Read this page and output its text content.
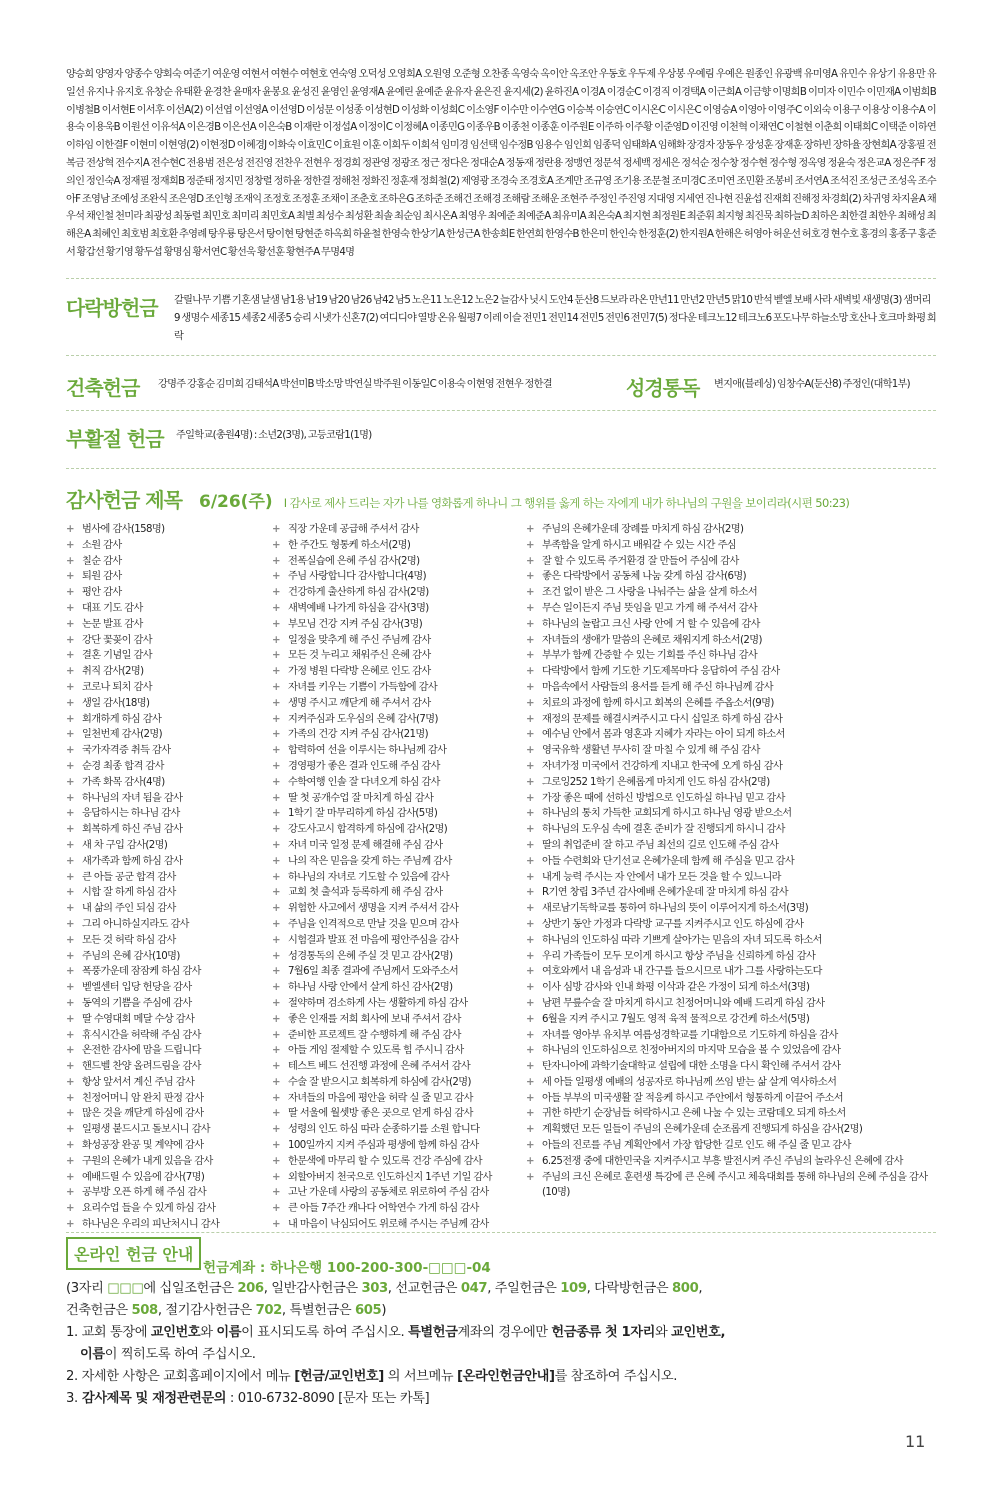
양승희 양영자 양종수 양회숙 여준기 여운영 여현서 여현수 여현호 연숙영 오덕성 오영희A 오원영 오준형 오찬종 옥영숙 옥이안 옥조안 우동호 우두제 우상봉 우예림 우예은 원종인 유광백 유미영A 유민수 유상기 유용만 유일선 유지나 유지호 유창순 유태환 윤경찬 윤매자 윤봉요 윤성진 윤영인 윤영재A 윤예린 윤예준 윤유자 윤은진 윤지세(2) 윤하진A 이경A 이경순C 이경직 이경택A 이근희A 이금향 이명희B 이미자 이민수 이민재A 이범희B 이병철B 이서현E 이서후 이선A(2) 이선엽 이선영A 이선영D 이성문 이성종 이성현D 이성화 이성희C 이소영F 이수만 이수연G 이승복 이승연C 이시온C 이시은C 이영승A 이영아 이영주C 이외숙 이용구 이용상 이용수A 이용숙 이용욱B 이원선 이유석A 이은경B 이은선A 이은숙B 이재란 이정섭A 이정이C 이정혜A 이종민G 이종우B 이종천 이종훈 이주원E 이주하 이주황 이준영D 이진영 이천혁 이채연C 이철현 이춘희 이태희C 이택준 이하연 이하임 이한결F 이현미 이현영(2) 이현정D 이혜경J 이화숙 이효민C 이효원 이훈 이희두 이희석 임미경 임선택 임수정B 임용수 임인희 임종덕 임태화A 임해화 장경자 장동우 장성훈 장재훈 장하빈 장하율 장현희A 장홍필 전복금 전상혁 전수지A 전수현C 전용범 전은성 전진영 전찬우 전현우 정경희 정관영 정광조 정근 정다은 정대순A 정동재 정란용 정맹연 정문석 정세백 정세은 정석순 정수창 정수현 정수형 정옥영 정윤숙 정은교A 정은주F 정의인 정인숙A 정재필 정재희B 정준태 정지민 정창렬 정하윤 정한결 정해천 정화진 정훈재 정희철(2) 제영광 조경숙 조경호A 조계만 조규영 조기용 조문철 조미경C 조미연 조민환 조봉비 조서연A 조석진 조성근 조성옥 조수아F 조영남 조예성 조완식 조은영D 조인형 조재익 조정호 조정훈 조채이 조춘호 조하은G 조하준 조해건 조해경 조해람 조해운 조현주 주정인 주진영 지대영 지세연 진나현 진윤섭 진재희 진해정 차경희(2) 차귀영 차지윤A 채우석 채인철 천미라 최광성 최동렬 최민호 최미리 최민호A 최별 최성수 최성환 최솔 최순임 최시온A 최영우 최예준 최예준A 최유미A 최은숙A 최지현 최정원E 최준휘 최지형 최진묵 최하늘D 최하은 최한결 최한우 최해성 최해은A 최혜인 최호범 최호환 추영례 탕우룡 탕은서 탕이현 탕현준 하옥희 하윤철 한영숙 한상기A 한성근A 한송희E 한연희 한영수B 한은미 한인숙 한정훈(2) 한지원A 한해은 허영아 허운선 허호경 현수호 홍경의 홍종구 홍준서 황갑선 황기영 황두섭 황명심 황서연C 황선욱 황선훈 황현주A 무명4명
다락방헌금 갈릴나무 기쁨 기혼샘 날샘 남1용 남19 남20 남26 남42 남5 노은11 노은12 노은2 늘감사 닛시 도안4 둔산8 드보라 라온 만년11 만년2 만년5 맑10 반석 벧엘 보배 사라 새벽빛 새생명(3) 샘머리9 생명수 세종15 세종2 세종5 승리 시냇가 신혼7(2) 여디디야 열방 온유 월평7 이레 이슬 전민1 전민14 전민5 전민6 전민7(5) 정다운 테크노12 테크노6 포도나무 하늘소망 호산나 호크마 화평 희락
건축헌금 강명주 강홍순 김미희 김태석A 박선미B 박소망 박연실 박주원 이동일C 이용숙 이현영 전현우 정한결	성경통독 변지애(블레싱) 임창수A(둔산8) 주정인(대학1부)
부활절 헌금 주일학교(총원4명) : 소년2(3명), 고등코람1(1명)
감사헌금 제목 6/26(주) I 감사로 제사 드리는 자가 나를 영화롭게 하나니 그 행위를 옳게 하는 자에게 내가 하나님의 구원을 보이리라(시편 50:23)
+ 범사에 감사(158명)
+ 소원 감사
+ 칠순 감사
+ 퇴원 감사
+ 평안 감사
+ 대표 기도 감사
+ 논문 발표 감사
+ 강단 꽃꽂이 감사
+ 결혼 기념일 감사
+ 취직 감사(2명)
+ 코로나 퇴치 감사
+ 생일 감사(18명)
+ 회개하게 하심 감사
+ 일천번제 감사(2명)
+ 국가자격증 취득 감사
+ 순경 최종 합격 감사
+ 가족 화목 감사(4명)
+ 하나님의 자녀 됨을 감사
+ 응답하시는 하나님 감사
+ 회복하게 하신 주님 감사
+ 새 차 구입 감사(2명)
+ 새가족과 함께 하심 감사
+ 큰 아들 공군 합격 감사
+ 시합 잘 하게 하심 감사
+ 내 삶의 주인 되심 감사
+ 그리 아니하실지라도 감사
+ 모든 것 허락 하심 감사
+ 주님의 은혜 감사(10명)
+ 폭풍가운데 잠잠케 하심 감사
+ 벧엘센터 입당 헌당을 감사
+ 동역의 기쁨을 주심에 감사
+ 딸 수영대회 메달 수상 감사
+ 휴식시간을 허락해 주심 감사
+ 온전한 감사에 맘을 드립니다
+ 핸드벨 찬양 올려드림을 감사
+ 항상 앞서서 계신 주님 감사
+ 친정어머니 암 완치 판정 감사
+ 많은 것을 깨닫게 하심에 감사
+ 일평생 붙드시고 돌보시니 감사
+ 화성공장 완공 및 계약에 감사
+ 구원의 은혜가 내게 있음을 감사
+ 예배드릴 수 있음에 감사(7명)
+ 공부방 오픈 하게 해 주심 감사
+ 요리수업 들을 수 있게 하심 감사
+ 하나님은 우리의 피난처시니 감사
+ 직장 가운데 공급해 주셔서 감사
+ 한 주간도 형통케 하소서(2명)
+ 전폭실습에 은혜 주심 감사(2명)
+ 주님 사랑합니다 감사합니다(4명)
+ 건강하게 출산하게 하심 감사(2명)
+ 새벽예배 나가게 하심을 감사(3명)
+ 부모님 건강 지켜 주심 감사(3명)
+ 일정을 맞추게 해 주신 주님께 감사
+ 모든 것 누리고 채워주신 은혜 감사
+ 가정 병원 다락방 은혜로 인도 감사
+ 자녀를 키우는 기쁨이 가득함에 감사
+ 생명 주시고 깨닫게 해 주셔서 감사
+ 지켜주심과 도우심의 은혜 감사(7명)
+ 가족의 건강 지켜 주심 감사(21명)
+ 합력하여 선을 이루시는 하나님께 감사
+ 경영평가 좋은 결과 인도해 주심 감사
+ 수학여행 인솔 잘 다녀오게 하심 감사
+ 딸 첫 공개수업 잘 마치게 하심 감사
+ 1학기 잘 마무리하게 하심 감사(5명)
+ 강도사고시 합격하게 하심에 감사(2명)
+ 자녀 미국 일정 문제 해결해 주심 감사
+ 나의 작은 믿음을 갖게 하는 주님께 감사
+ 하나님의 자녀로 기도할 수 있음에 감사
+ 교회 첫 출석과 등록하게 해 주심 감사
+ 위험한 사고에서 생명을 지켜 주셔서 감사
+ 주님을 인격적으로 만날 것을 믿으며 감사
+ 시험결과 발표 전 마음에 평안주심을 감사
+ 성경통독의 은혜 주실 것 믿고 감사(2명)
+ 7월6일 최종 결과에 주님께서 도와주소서
+ 하나님 사랑 안에서 살게 하신 감사(2명)
+ 절약하며 검소하게 사는 생활하게 하심 감사
+ 좋은 인재를 저희 회사에 보내 주셔서 감사
+ 준비한 프로젝트 잘 수행하게 해 주심 감사
+ 아들 게임 절제할 수 있도록 힘 주시니 감사
+ 테스트 베드 선진행 과정에 은혜 주셔서 감사
+ 수술 잘 받으시고 회복하게 하심에 감사(2명)
+ 자녀들의 마음에 평안을 허락 실 줄 믿고 감사
+ 딸 서울에 월셋방 좋은 곳으로 얻게 하심 감사
+ 성령의 인도 하심 따라 순종하기를 소원 합니다
+ 100일까지 지켜 주심과 평생에 함께 하심 감사
+ 한문색에 마무리 할 수 있도록 건강 주심에 감사
+ 외할아버지 천국으로 인도하신지 1주년 기일 감사
+ 고난 가운데 사랑의 공동체로 위로하여 주심 감사
+ 큰 아들 7주간 캐나다 어학연수 가게 하심 감사
+ 내 마음이 낙심되어도 위로해 주시는 주님께 감사
+ 주님의 은혜가운데 장례를 마치게 하심 감사(2명)
+ 부족함을 알게 하시고 배워갈 수 있는 시간 주심
+ 잘 할 수 있도록 주거환경 잘 만들어 주심에 감사
+ 좋은 다락방에서 공동체 나눔 갖게 하심 감사(6명)
+ 조건 없이 받은 그 사랑을 나눠주는 삶을 살게 하소서
+ 무슨 일이든지 주님 뜻임을 믿고 가게 해 주셔서 감사
+ 하나님의 놀랍고 크신 사랑 안에 거 할 수 있음에 감사
+ 자녀들의 생애가 말씀의 은혜로 채워지게 하소서(2명)
+ 부부가 함께 간증할 수 있는 기회를 주신 하나님 감사
+ 다락방에서 함께 기도한 기도제목마다 응답하여 주심 감사
+ 마음속에서 사람들의 용서를 듣게 해 주신 하나님께 감사
+ 치료의 과정에 함께 하시고 회복의 은혜를 주옵소서(9명)
+ 재정의 문제를 해결시켜주시고 다시 십일조 하게 하심 감사
+ 예수님 안에서 몸과 영혼과 지혜가 자라는 아이 되게 하소서
+ 영국유학 생활년 무사히 잘 마칠 수 있게 해 주심 감사
+ 자녀가정 미국에서 건강하게 지내고 한국에 오게 하심 감사
+ 그로잉252 1학기 은혜롭게 마치게 인도 하심 감사(2명)
+ 가장 좋은 때에 선하신 방법으로 인도하실 하나님 믿고 감사
+ 하나님의 통치 가득한 교회되게 하시고 하나님 영광 받으소서
+ 하나님의 도우심 속에 결혼 준비가 잘 진행되게 하시니 감사
+ 딸의 취업준비 잘 하고 주님 최선의 길로 인도해 주심 감사
+ 아들 수련회와 단기선교 은혜가운데 함께 해 주심을 믿고 감사
+ 내게 능력 주시는 자 안에서 내가 모든 것을 할 수 있느니라
+ R기연 창립 3주년 감사예배 은혜가운데 잘 마치게 하심 감사
+ 새로남기독학교를 통하여 하나님의 뜻이 이루어지게 하소서(3명)
+ 상반기 동안 가정과 다락방 교구를 지켜주시고 인도 하심에 감사
+ 하나님의 인도하심 따라 기쁘게 살아가는 믿음의 자녀 되도록 하소서
+ 우리 가족들이 모두 모이게 하시고 항상 주님을 신뢰하게 하심 감사
+ 여호와께서 내 음성과 내 간구를 들으시므로 내가 그를 사랑하는도다
+ 이사 심방 감사와 인내 화평 이삭과 같은 가정이 되게 하소서(3명)
+ 남편 무릎수술 잘 마치게 하시고 친정어머니와 예배 드리게 하심 감사
+ 6월을 지켜 주시고 7월도 영적 육적 물적으로 강건케 하소서(5명)
+ 자녀를 영아부 유치부 여름성경학교를 기대함으로 기도하게 하심을 감사
+ 하나님의 인도하심으로 친정아버지의 마지막 모습을 볼 수 있었음에 감사
+ 탄자니아에 과학기술대학교 설립에 대한 소명을 다시 확인해 주셔서 감사
+ 세 아들 일평생 예배의 성공자로 하나님께 쓰임 받는 삶 살게 역사하소서
+ 아들 부부의 미국생활 잘 적응케 하시고 주안에서 형통하게 이끌어 주소서
+ 귀한 하반기 순장님들 허락하시고 은혜 나눌 수 있는 코람데오 되게 하소서
+ 계획했던 모든 일들이 주님의 은혜가운데 순조롭게 진행되게 하심을 감사(2명)
+ 아들의 진로를 주님 계획안에서 가장 합당한 길로 인도 해 주실 줄 믿고 감사
+ 6.25전쟁 중에 대한민국을 지켜주시고 부흥 발전시켜 주신 주님의 놀라우신 은혜에 감사
+ 주님의 크신 은혜로 훈련생 특강에 큰 은혜 주시고 체육대회를 통해 하나님의 은혜 주심을 감사(10명)
온라인 헌금 안내
헌금계좌 : 하나은행 100-200-300-□□□-04
(3자리 □□□에 십일조헌금은 206, 일반감사헌금은 303, 선교헌금은 047, 주일헌금은 109, 다락방헌금은 800,
건축헌금은 508, 절기감사헌금은 702, 특별헌금은 605)
1. 교회 통장에 교인번호와 이름이 표시되도록 하여 주십시오. 특별헌금계좌의 경우에만 헌금종류 첫 1자리와 교인번호,
이름이 찍히도록 하여 주십시오.
2. 자세한 사항은 교회홈페이지에서 메뉴 [헌금/교인번호] 의 서브메뉴 [온라인헌금안내]를 참조하여 주십시오.
3. 감사제목 및 재정관련문의 : 010-6732-8090 [문자 또는 카톡]
11
